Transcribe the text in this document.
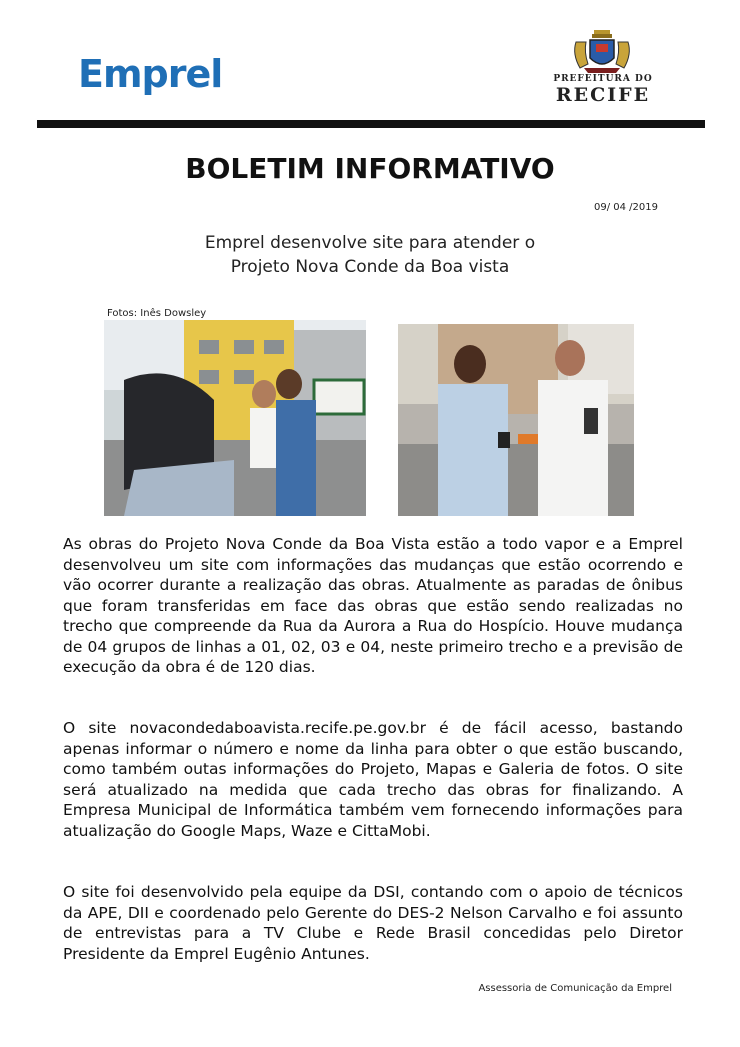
Emprel	PREFEITURA DO
RECIFE
BOLETIM INFORMATIVO
09/ 04 /2019
Emprel desenvolve site para atender o
Projeto Nova Conde da Boa vista
Fotos: Inês Dowsley
As obras do Projeto Nova Conde da Boa Vista estão a todo vapor e a Emprel desenvolveu um site com informações das mudanças que estão ocorrendo e vão ocorrer durante a realização das obras. Atualmente as paradas de ônibus que foram transferidas em face das obras que estão sendo realizadas no trecho que compreende da Rua da Aurora a Rua do Hospício. Houve mudança de 04 grupos de linhas a 01, 02, 03 e 04, neste primeiro trecho e a previsão de execução da obra é de 120 dias.
O site novacondedaboavista.recife.pe.gov.br é de fácil acesso, bastando apenas informar o número e nome da linha para obter o que estão buscando, como também outas informações do Projeto, Mapas e Galeria de fotos. O site será atualizado na medida que cada trecho das obras for finalizando. A Empresa Municipal de Informática também vem fornecendo informações para atualização do Google Maps, Waze e CittaMobi.
O site foi desenvolvido pela equipe da DSI, contando com o apoio de técnicos da APE, DII e coordenado pelo Gerente do DES-2 Nelson Carvalho e foi assunto de entrevistas para a TV Clube e Rede Brasil concedidas pelo Diretor Presidente da Emprel Eugênio Antunes.
Assessoria de Comunicação da Emprel
